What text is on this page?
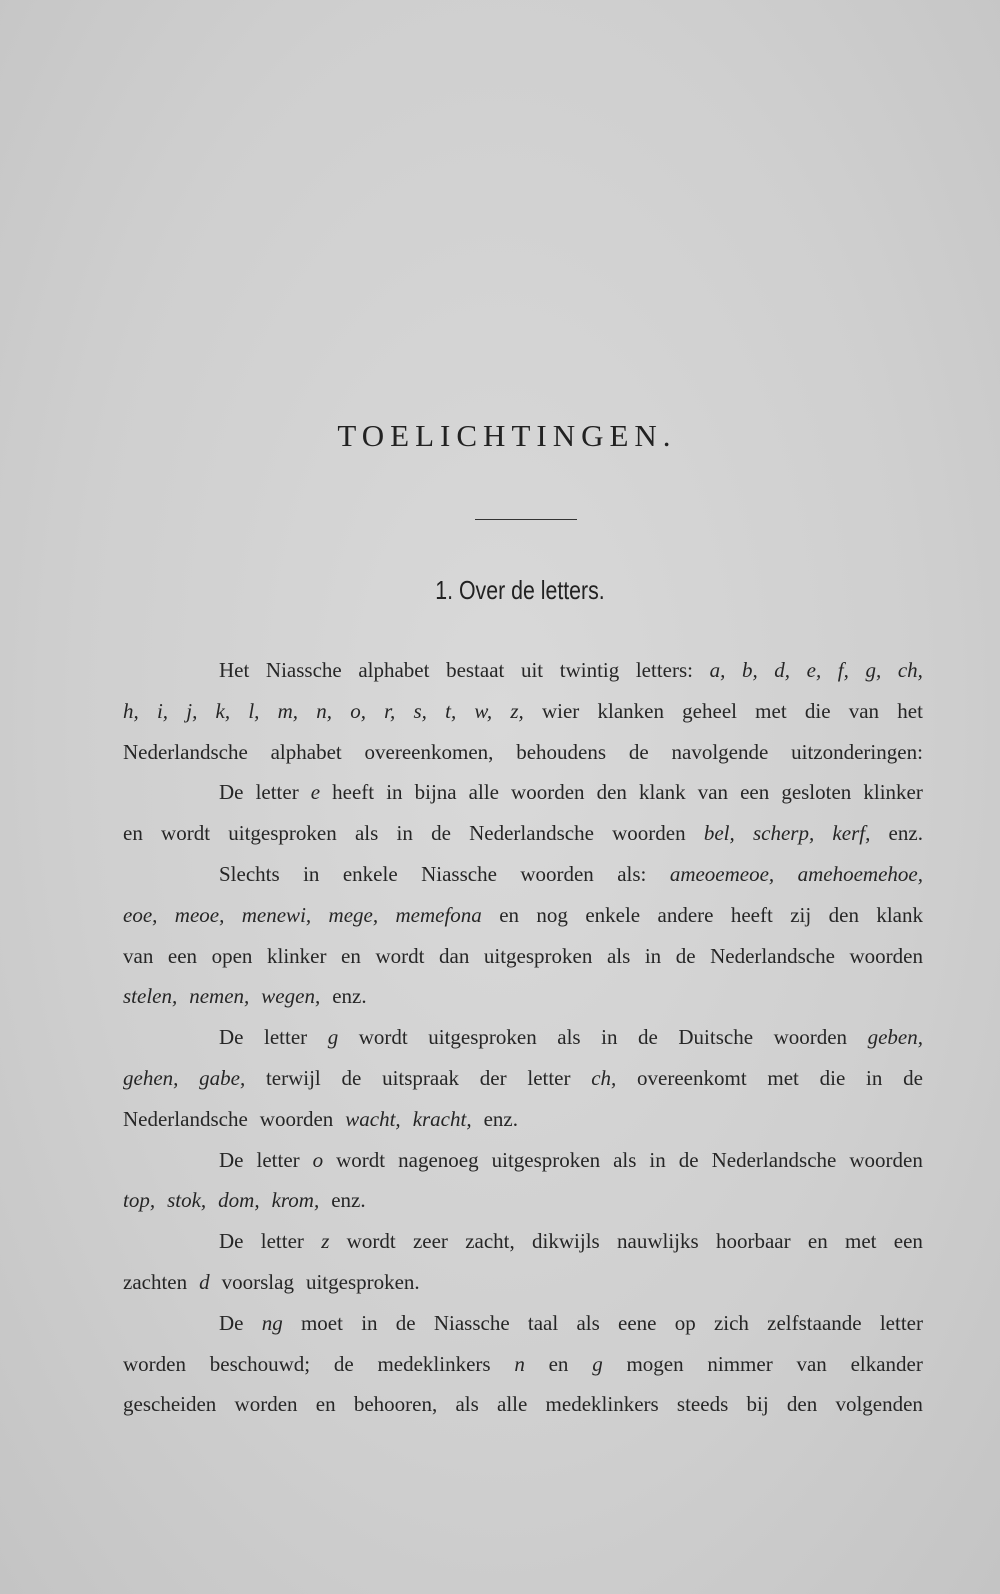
TOELICHTINGEN.
1. Over de letters.
Het Niassche alphabet bestaat uit twintig letters: a, b, d, e, f, g, ch,
h, i, j, k, l, m, n, o, r, s, t, w, z, wier klanken geheel met die van het
Nederlandsche alphabet overeenkomen, behoudens de navolgende uitzonderingen:
De letter e heeft in bijna alle woorden den klank van een gesloten klinker
en wordt uitgesproken als in de Nederlandsche woorden bel, scherp, kerf, enz.
Slechts in enkele Niassche woorden als: ameoemeoe, amehoemehoe,
eoe, meoe, menewi, mege, memefona en nog enkele andere heeft zij den klank
van een open klinker en wordt dan uitgesproken als in de Nederlandsche woorden
stelen, nemen, wegen, enz.
De letter g wordt uitgesproken als in de Duitsche woorden geben,
gehen, gabe, terwijl de uitspraak der letter ch, overeenkomt met die in de
Nederlandsche woorden wacht, kracht, enz.
De letter o wordt nagenoeg uitgesproken als in de Nederlandsche woorden
top, stok, dom, krom, enz.
De letter z wordt zeer zacht, dikwijls nauwlijks hoorbaar en met een
zachten d voorslag uitgesproken.
De ng moet in de Niassche taal als eene op zich zelfstaande letter
worden beschouwd; de medeklinkers n en g mogen nimmer van elkander
gescheiden worden en behooren, als alle medeklinkers steeds bij den volgenden
